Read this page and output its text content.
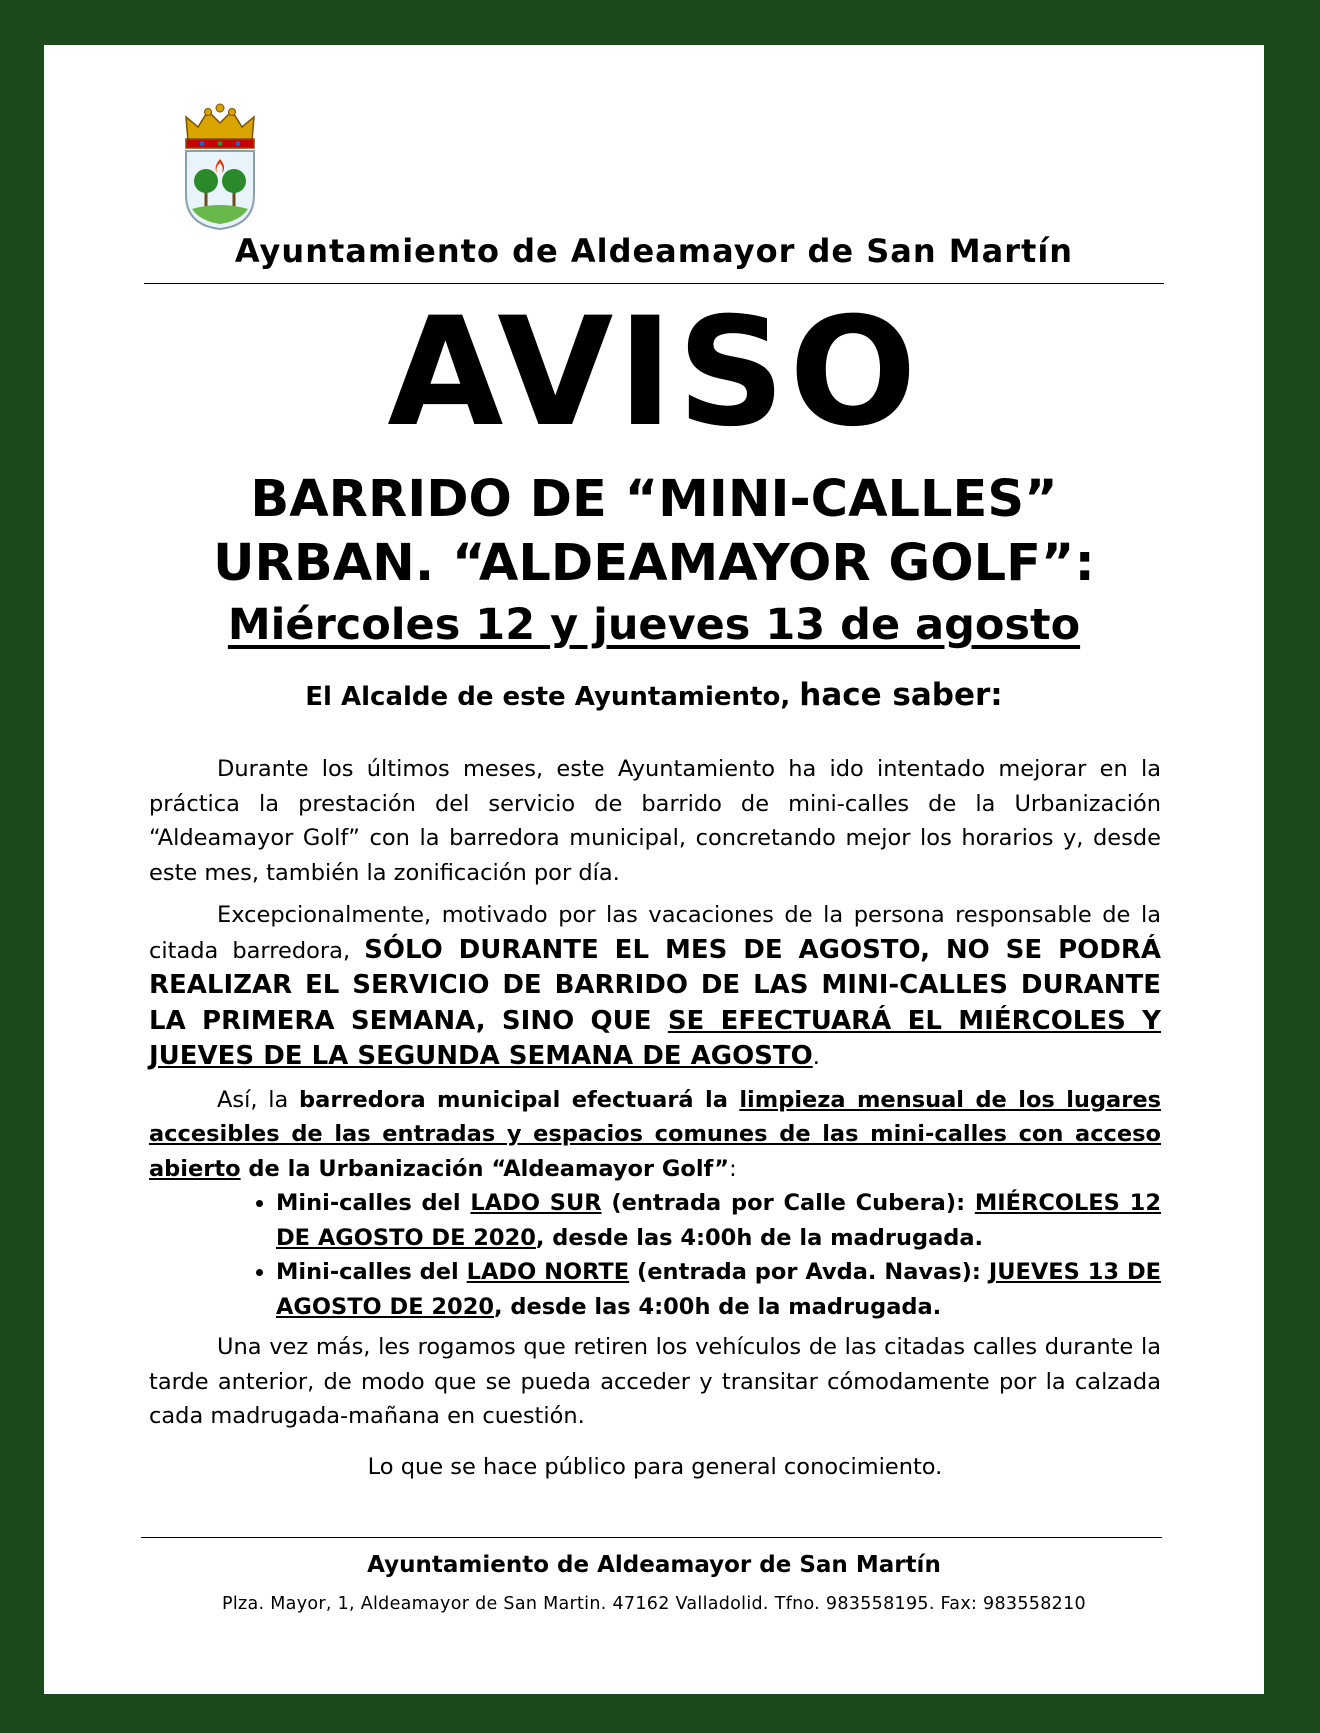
Ayuntamiento de Aldeamayor de San Martín
AVISO
BARRIDO DE “MINI-CALLES”
URBAN. “ALDEAMAYOR GOLF”:
Miércoles 12 y jueves 13 de agosto
El Alcalde de este Ayuntamiento, hace saber:

Durante los últimos meses, este Ayuntamiento ha ido intentado mejorar en la práctica la prestación del servicio de barrido de mini-calles de la Urbanización “Aldeamayor Golf” con la barredora municipal, concretando mejor los horarios y, desde este mes, también la zonificación por día.

Excepcionalmente, motivado por las vacaciones de la persona responsable de la citada barredora, SÓLO DURANTE EL MES DE AGOSTO, NO SE PODRÁ REALIZAR EL SERVICIO DE BARRIDO DE LAS MINI-CALLES DURANTE LA PRIMERA SEMANA, SINO QUE SE EFECTUARÁ EL MIÉRCOLES Y JUEVES DE LA SEGUNDA SEMANA DE AGOSTO.

Así, la barredora municipal efectuará la limpieza mensual de los lugares accesibles de las entradas y espacios comunes de las mini-calles con acceso abierto de la Urbanización “Aldeamayor Golf”:

• Mini-calles del LADO SUR (entrada por Calle Cubera): MIÉRCOLES 12 DE AGOSTO DE 2020, desde las 4:00h de la madrugada.
• Mini-calles del LADO NORTE (entrada por Avda. Navas): JUEVES 13 DE AGOSTO DE 2020, desde las 4:00h de la madrugada.

Una vez más, les rogamos que retiren los vehículos de las citadas calles durante la tarde anterior, de modo que se pueda acceder y transitar cómodamente por la calzada cada madrugada-mañana en cuestión.

Lo que se hace público para general conocimiento.
Ayuntamiento de Aldeamayor de San Martín
Plza. Mayor, 1, Aldeamayor de San Martin. 47162 Valladolid. Tfno. 983558195. Fax: 983558210
